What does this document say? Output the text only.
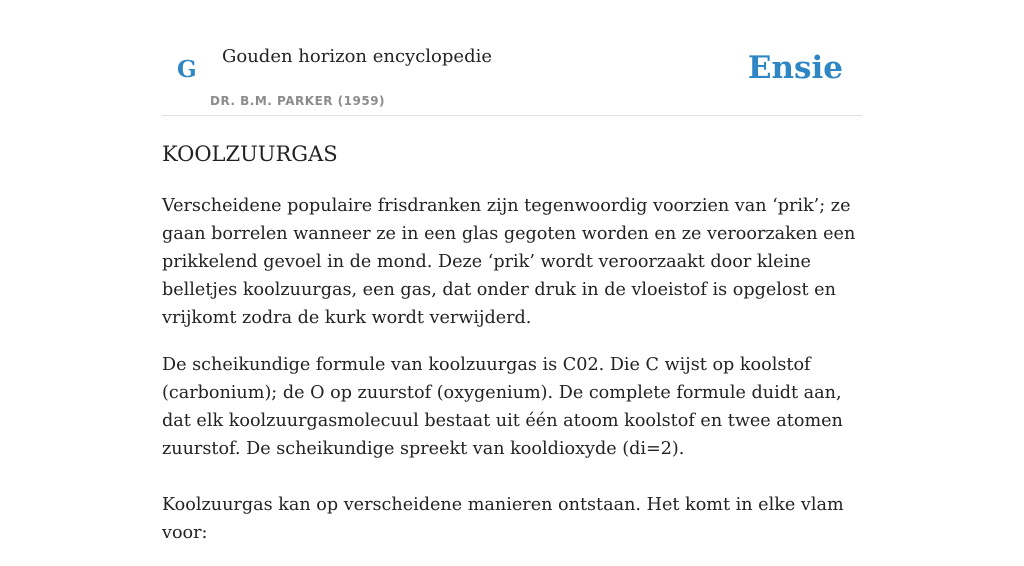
G Gouden horizon encyclopedie
DR. B.M. PARKER (1959)
Ensie
KOOLZUURGAS

Verscheidene populaire frisdranken zijn tegenwoordig voorzien van ‘prik’; ze gaan borrelen wanneer ze in een glas gegoten worden en ze veroorzaken een prikkelend gevoel in de mond. Deze ‘prik’ wordt veroorzaakt door kleine belletjes koolzuurgas, een gas, dat onder druk in de vloeistof is opgelost en vrijkomt zodra de kurk wordt verwijderd.

De scheikundige formule van koolzuurgas is C02. Die C wijst op koolstof (carbonium); de O op zuurstof (oxygenium). De complete formule duidt aan, dat elk koolzuurgasmolecuul bestaat uit één atoom koolstof en twee atomen zuurstof. De scheikundige spreekt van kooldioxyde (di=2).

Koolzuurgas kan op verscheidene manieren ontstaan. Het komt in elke vlam voor:
